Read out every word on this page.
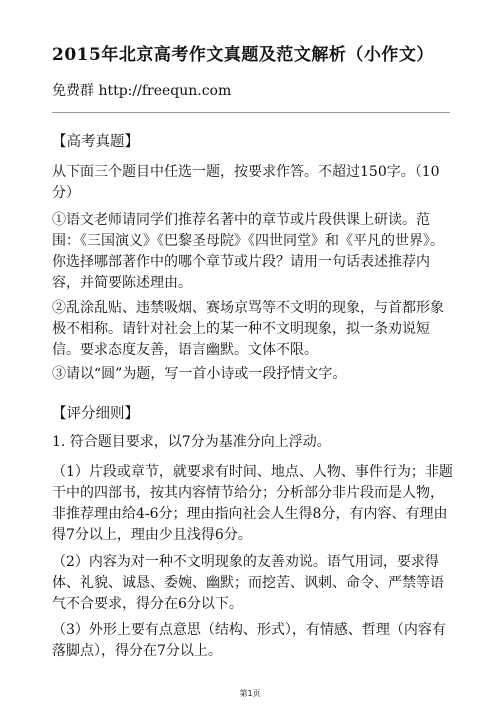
2015年北京高考作文真题及范文解析（小作文）
免费群 http://freequn.com
【高考真题】
从下面三个题目中任选一题，按要求作答。不超过150字。（10分）
①语文老师请同学们推荐名著中的章节或片段供课上研读。范围：《三国演义》《巴黎圣母院》《四世同堂》和《平凡的世界》。你选择哪部著作中的哪个章节或片段？请用一句话表述推荐内容，并简要陈述理由。
②乱涂乱贴、违禁吸烟、赛场京骂等不文明的现象，与首都形象极不相称。请针对社会上的某一种不文明现象，拟一条劝说短信。要求态度友善，语言幽默。文体不限。
③请以“圆”为题，写一首小诗或一段抒情文字。
【评分细则】
1. 符合题目要求，以7分为基准分向上浮动。
（1）片段或章节，就要求有时间、地点、人物、事件行为；非题干中的四部书，按其内容情节给分；分析部分非片段而是人物，非推荐理由给4-6分；理由指向社会人生得8分，有内容、有理由得7分以上，理由少且浅得6分。
（2）内容为对一种不文明现象的友善劝说。语气用词，要求得体、礼貌、诚恳、委婉、幽默；而挖苦、讽刺、命令、严禁等语气不合要求，得分在6分以下。
（3）外形上要有点意思（结构、形式），有情感、哲理（内容有落脚点），得分在7分以上。
第1页
